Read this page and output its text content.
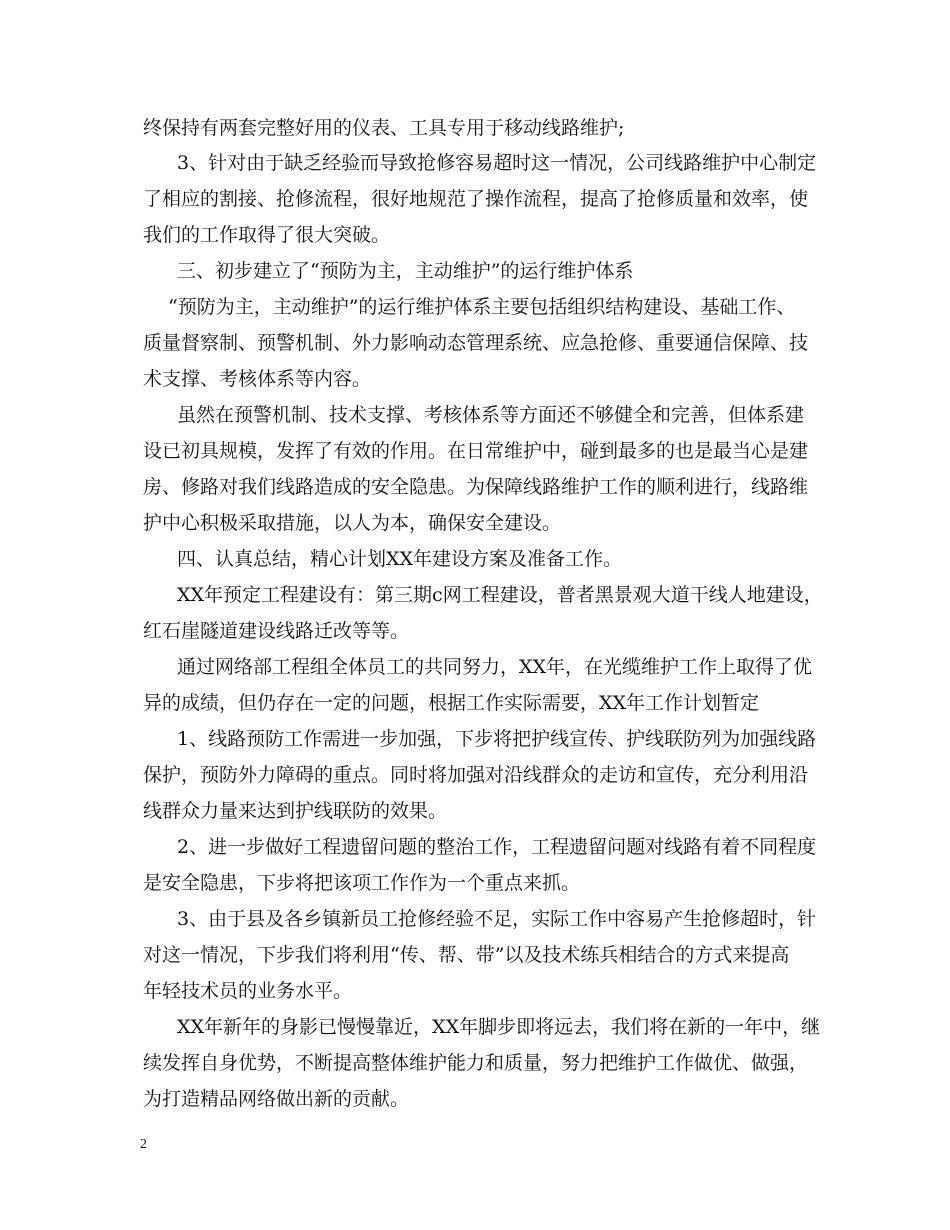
终保持有两套完整好用的仪表、工具专用于移动线路维护;
3、针对由于缺乏经验而导致抢修容易超时这一情况，公司线路维护中心制定
了相应的割接、抢修流程，很好地规范了操作流程，提高了抢修质量和效率，使
我们的工作取得了很大突破。
三、初步建立了“预防为主，主动维护”的运行维护体系
“预防为主，主动维护”的运行维护体系主要包括组织结构建设、基础工作、
质量督察制、预警机制、外力影响动态管理系统、应急抢修、重要通信保障、技
术支撑、考核体系等内容。
虽然在预警机制、技术支撑、考核体系等方面还不够健全和完善，但体系建
设已初具规模，发挥了有效的作用。在日常维护中，碰到最多的也是最当心是建
房、修路对我们线路造成的安全隐患。为保障线路维护工作的顺利进行，线路维
护中心积极采取措施，以人为本，确保安全建设。
四、认真总结，精心计划XX年建设方案及准备工作。
XX年预定工程建设有：第三期c网工程建设，普者黑景观大道干线人地建设，
红石崖隧道建设线路迁改等等。
通过网络部工程组全体员工的共同努力，XX年，在光缆维护工作上取得了优
异的成绩，但仍存在一定的问题，根据工作实际需要，XX年工作计划暂定
1、线路预防工作需进一步加强，下步将把护线宣传、护线联防列为加强线路
保护，预防外力障碍的重点。同时将加强对沿线群众的走访和宣传，充分利用沿
线群众力量来达到护线联防的效果。
2、进一步做好工程遗留问题的整治工作，工程遗留问题对线路有着不同程度
是安全隐患，下步将把该项工作作为一个重点来抓。
3、由于县及各乡镇新员工抢修经验不足，实际工作中容易产生抢修超时，针
对这一情况，下步我们将利用“传、帮、带”以及技术练兵相结合的方式来提高
年轻技术员的业务水平。
XX年新年的身影已慢慢靠近，XX年脚步即将远去，我们将在新的一年中，继
续发挥自身优势，不断提高整体维护能力和质量，努力把维护工作做优、做强，
为打造精品网络做出新的贡献。
2
